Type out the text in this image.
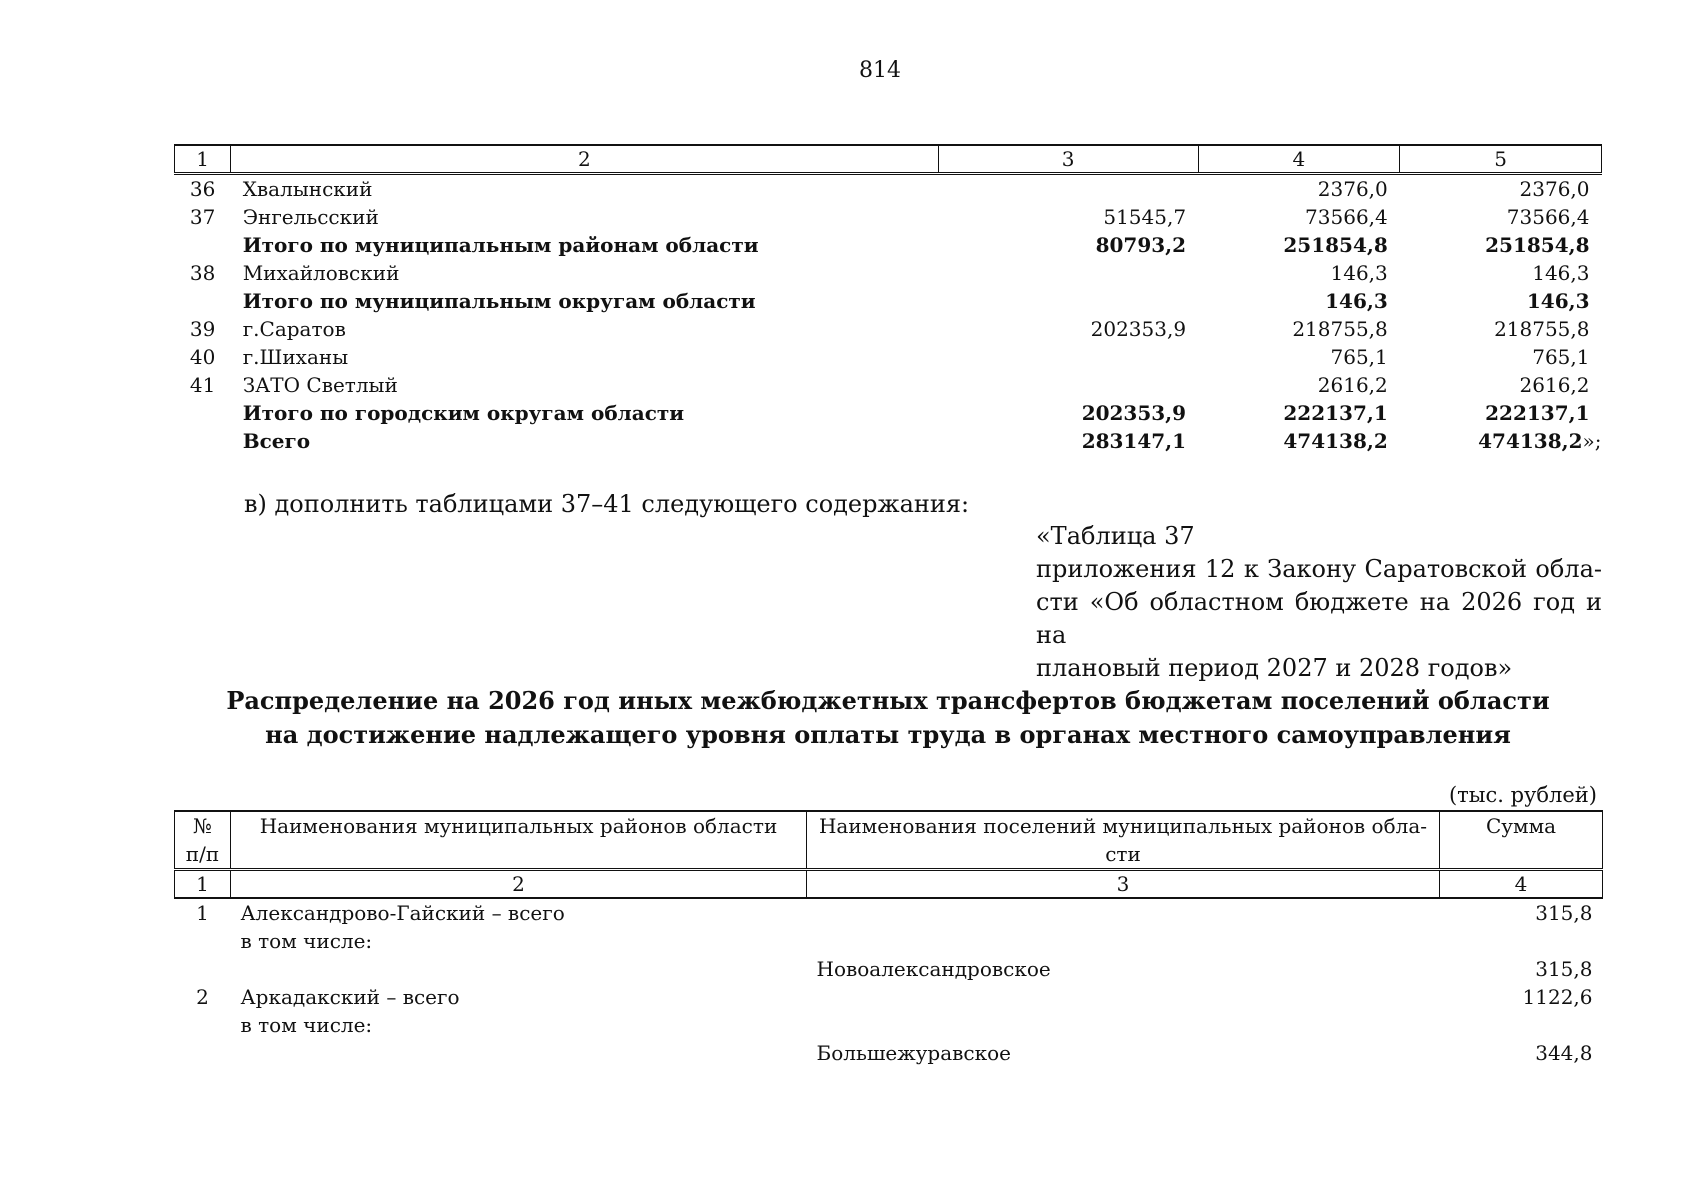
814
1	2	3	4	5
36	Хвалынский		2376,0	2376,0
37	Энгельсский	51545,7	73566,4	73566,4
	Итого по муниципальным районам области	80793,2	251854,8	251854,8
38	Михайловский		146,3	146,3
	Итого по муниципальным округам области		146,3	146,3
39	г.Саратов	202353,9	218755,8	218755,8
40	г.Шиханы		765,1	765,1
41	ЗАТО Светлый		2616,2	2616,2
	Итого по городским округам области	202353,9	222137,1	222137,1
	Всего	283147,1	474138,2	474138,2»;
в) дополнить таблицами 37–41 следующего содержания:
«Таблица 37
приложения 12 к Закону Саратовской обла-
сти «Об областном бюджете на 2026 год и на
плановый период 2027 и 2028 годов»
Распределение на 2026 год иных межбюджетных трансфертов бюджетам поселений области
на достижение надлежащего уровня оплаты труда в органах местного самоуправления
(тыс. рублей)
№ п/п	Наименования муниципальных районов области	Наименования поселений муниципальных районов обла-сти	Сумма
1	2	3	4
1	Александрово-Гайский – всего		315,8
	в том числе:		
		Новоалександровское	315,8
2	Аркадакский – всего		1122,6
	в том числе:		
		Большежуравское	344,8
